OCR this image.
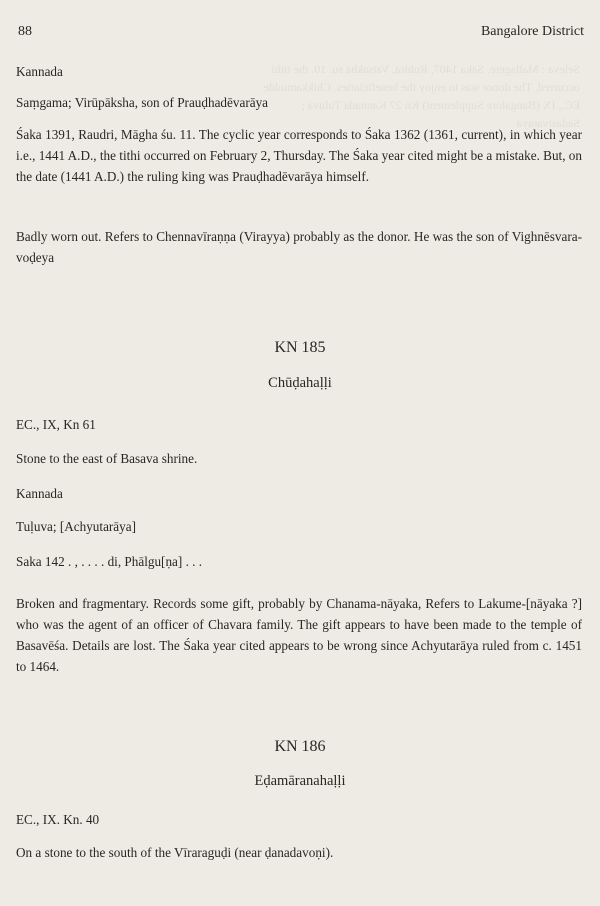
Seleva : Mallagere. Saka 1407, Ruhira, Vaisakha su. 10. the tithi occurred. The donor was to enjoy the beneficiaries. Chikkamudde EC., IX (Bangalore Supplement) Kn 27 Kannada Tuluva ; Sadasivaraya
88	Bangalore District
Kannada
Saṃgama; Virūpāksha, son of Prauḍhadēvarāya
Śaka 1391, Raudri, Māgha śu. 11. The cyclic year corresponds to Śaka 1362 (1361, current), in which year i.e., 1441 A.D., the tithi occurred on February 2, Thursday. The Śaka year cited might be a mistake. But, on the date (1441 A.D.) the ruling king was Prauḍhadēvarāya himself.
Badly worn out. Refers to Chennavīraṇṇa (Virayya) probably as the donor. He was the son of Vighnēsvara-voḍeya
KN 185
Chūḍahaḷḷi
EC., IX, Kn 61
Stone to the east of Basava shrine.
Kannada
Tuḷuva; [Achyutarāya]
Saka 142 . , . . . . di, Phālgu[ṇa] . . .
Broken and fragmentary. Records some gift, probably by Chanama-nāyaka, Refers to Lakume-[nāyaka ?] who was the agent of an officer of Chavara family. The gift appears to have been made to the temple of Basavēśa. Details are lost. The Śaka year cited appears to be wrong since Achyutarāya ruled from c. 1451 to 1464.
KN 186
Eḍamāranahaḷḷi
EC., IX. Kn. 40
On a stone to the south of the Vīraraguḍi (near ḍanadavoṇi).
